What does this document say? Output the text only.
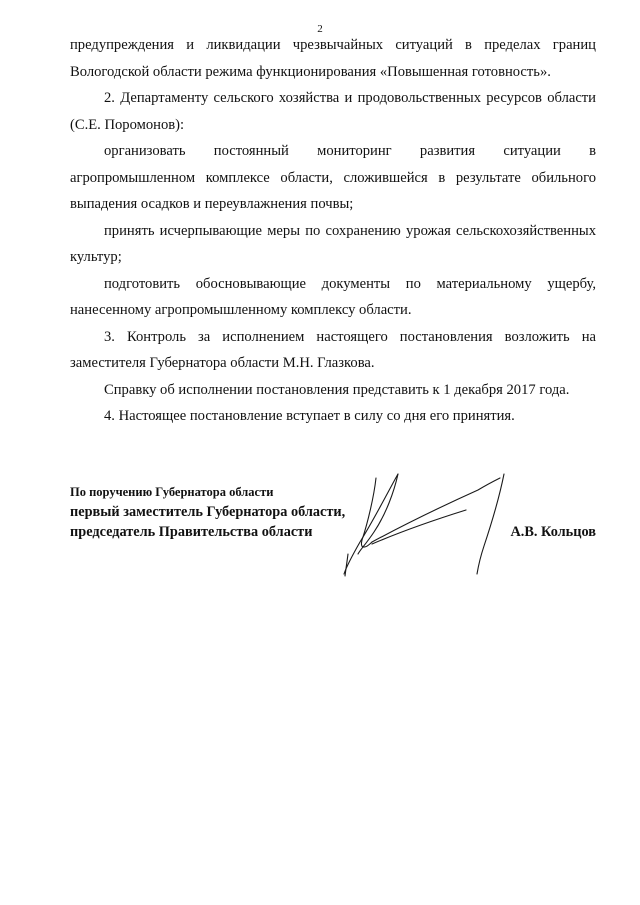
2

предупреждения и ликвидации чрезвычайных ситуаций в пределах границ Вологодской области режима функционирования «Повышенная готовность».

2. Департаменту сельского хозяйства и продовольственных ресурсов области (С.Е. Поромонов):

организовать постоянный мониторинг развития ситуации в агропромышленном комплексе области, сложившейся в результате обильного выпадения осадков и переувлажнения почвы;

принять исчерпывающие меры по сохранению урожая сельскохозяйственных культур;

подготовить обосновывающие документы по материальному ущербу, нанесенному агропромышленному комплексу области.

3. Контроль за исполнением настоящего постановления возложить на заместителя Губернатора области М.Н. Глазкова.

Справку об исполнении постановления представить к 1 декабря 2017 года.

4. Настоящее постановление вступает в силу со дня его принятия.

По поручению Губернатора области
первый заместитель Губернатора области,
председатель Правительства области	А.В. Кольцов
